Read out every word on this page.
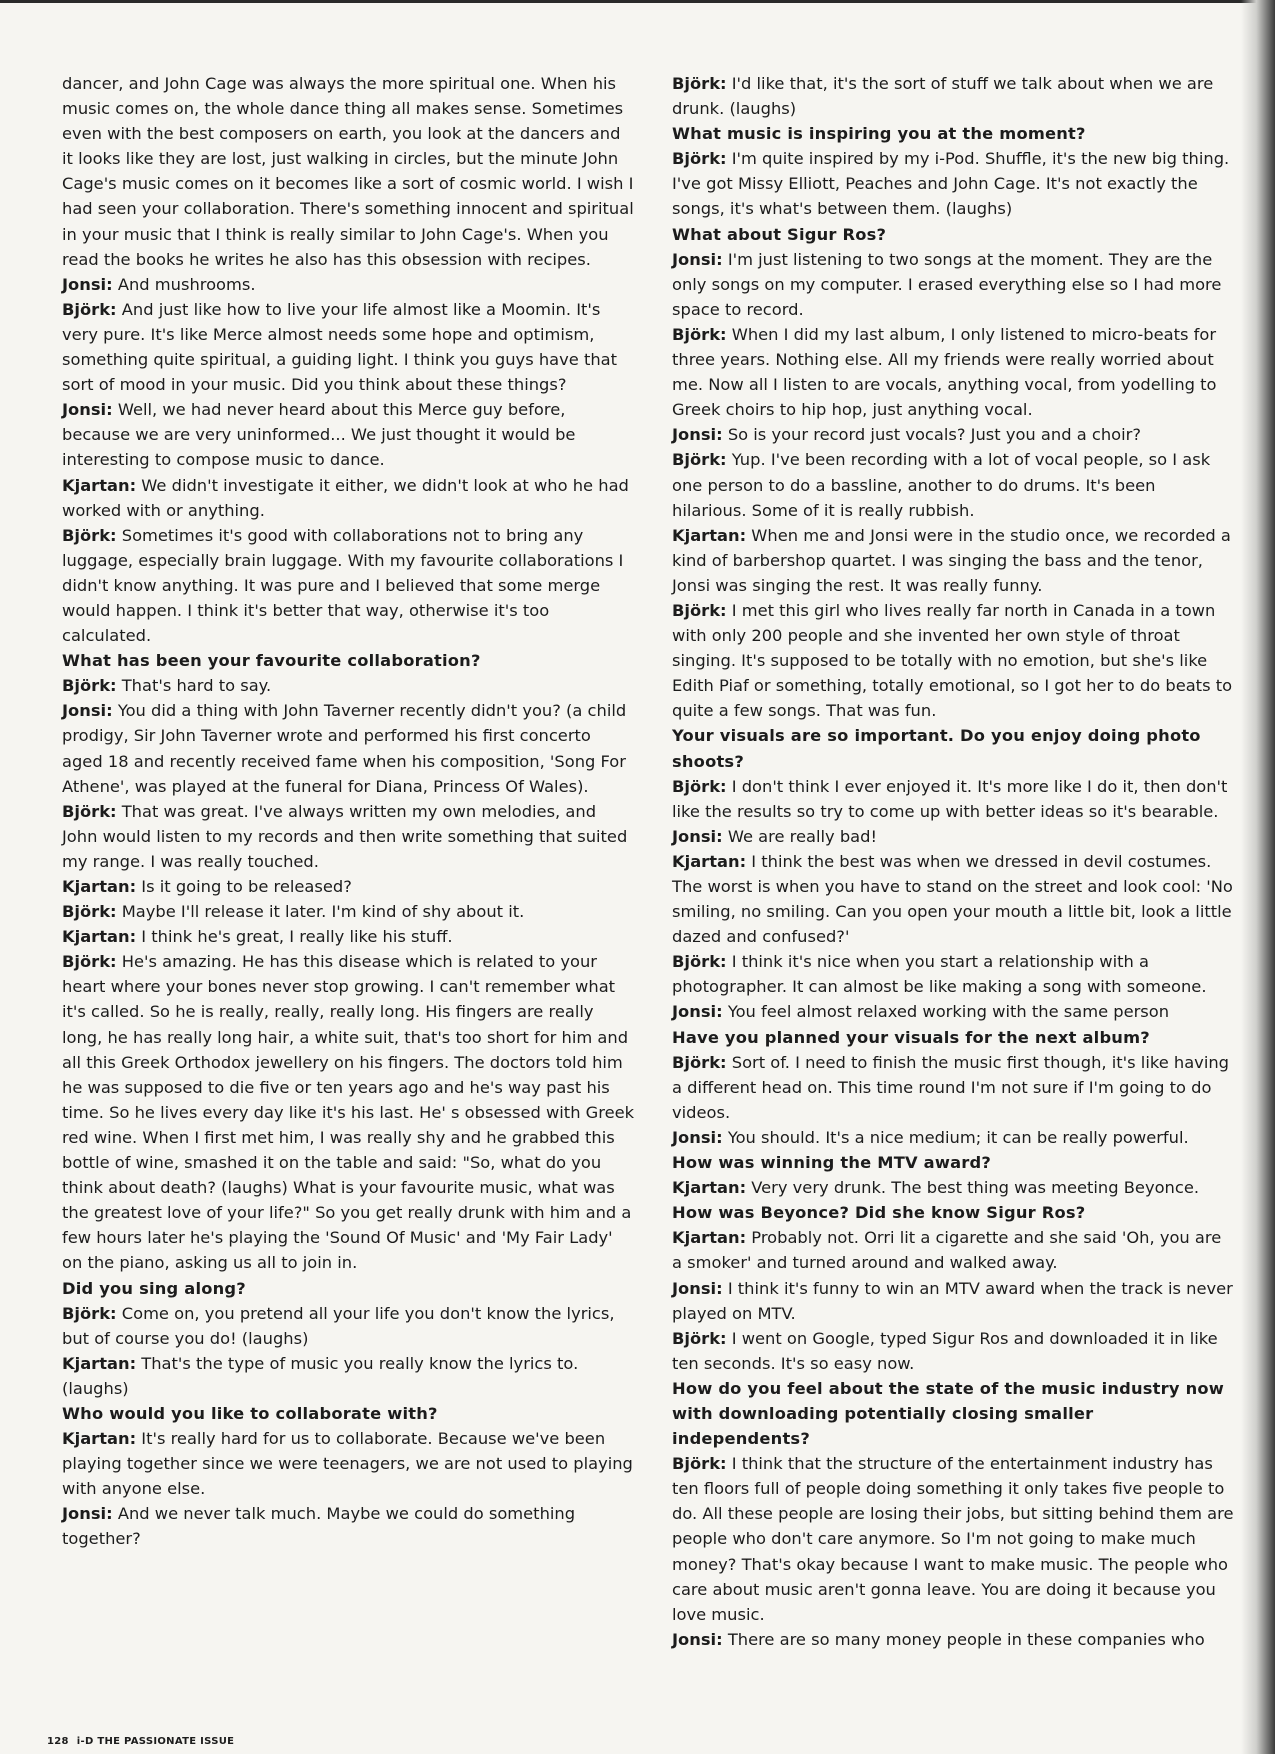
dancer, and John Cage was always the more spiritual one. When his music comes on, the whole dance thing all makes sense. Sometimes even with the best composers on earth, you look at the dancers and it looks like they are lost, just walking in circles, but the minute John Cage's music comes on it becomes like a sort of cosmic world. I wish I had seen your collaboration. There's something innocent and spiritual in your music that I think is really similar to John Cage's. When you read the books he writes he also has this obsession with recipes.

Jonsi: And mushrooms.

Björk: And just like how to live your life almost like a Moomin. It's very pure. It's like Merce almost needs some hope and optimism, something quite spiritual, a guiding light. I think you guys have that sort of mood in your music. Did you think about these things?

Jonsi: Well, we had never heard about this Merce guy before, because we are very uninformed... We just thought it would be interesting to compose music to dance.

Kjartan: We didn't investigate it either, we didn't look at who he had worked with or anything.

Björk: Sometimes it's good with collaborations not to bring any luggage, especially brain luggage. With my favourite collaborations I didn't know anything. It was pure and I believed that some merge would happen. I think it's better that way, otherwise it's too calculated.

What has been your favourite collaboration?

Björk: That's hard to say.

Jonsi: You did a thing with John Taverner recently didn't you? (a child prodigy, Sir John Taverner wrote and performed his first concerto aged 18 and recently received fame when his composition, 'Song For Athene', was played at the funeral for Diana, Princess Of Wales).

Björk: That was great. I've always written my own melodies, and John would listen to my records and then write something that suited my range. I was really touched.

Kjartan: Is it going to be released?

Björk: Maybe I'll release it later. I'm kind of shy about it.

Kjartan: I think he's great, I really like his stuff.

Björk: He's amazing. He has this disease which is related to your heart where your bones never stop growing. I can't remember what it's called. So he is really, really, really long. His fingers are really long, he has really long hair, a white suit, that's too short for him and all this Greek Orthodox jewellery on his fingers. The doctors told him he was supposed to die five or ten years ago and he's way past his time. So he lives every day like it's his last. He' s obsessed with Greek red wine. When I first met him, I was really shy and he grabbed this bottle of wine, smashed it on the table and said: "So, what do you think about death? (laughs) What is your favourite music, what was the greatest love of your life?" So you get really drunk with him and a few hours later he's playing the 'Sound Of Music' and 'My Fair Lady' on the piano, asking us all to join in.

Did you sing along?

Björk: Come on, you pretend all your life you don't know the lyrics, but of course you do! (laughs)

Kjartan: That's the type of music you really know the lyrics to. (laughs)

Who would you like to collaborate with?

Kjartan: It's really hard for us to collaborate. Because we've been playing together since we were teenagers, we are not used to playing with anyone else.

Jonsi: And we never talk much. Maybe we could do something together?

Björk: I'd like that, it's the sort of stuff we talk about when we are drunk. (laughs)

What music is inspiring you at the moment?

Björk: I'm quite inspired by my i-Pod. Shuffle, it's the new big thing. I've got Missy Elliott, Peaches and John Cage. It's not exactly the songs, it's what's between them. (laughs)

What about Sigur Ros?

Jonsi: I'm just listening to two songs at the moment. They are the only songs on my computer. I erased everything else so I had more space to record.

Björk: When I did my last album, I only listened to micro-beats for three years. Nothing else. All my friends were really worried about me. Now all I listen to are vocals, anything vocal, from yodelling to Greek choirs to hip hop, just anything vocal.

Jonsi: So is your record just vocals? Just you and a choir?

Björk: Yup. I've been recording with a lot of vocal people, so I ask one person to do a bassline, another to do drums. It's been hilarious. Some of it is really rubbish.

Kjartan: When me and Jonsi were in the studio once, we recorded a kind of barbershop quartet. I was singing the bass and the tenor, Jonsi was singing the rest. It was really funny.

Björk: I met this girl who lives really far north in Canada in a town with only 200 people and she invented her own style of throat singing. It's supposed to be totally with no emotion, but she's like Edith Piaf or something, totally emotional, so I got her to do beats to quite a few songs. That was fun.

Your visuals are so important. Do you enjoy doing photo shoots?

Björk: I don't think I ever enjoyed it. It's more like I do it, then don't like the results so try to come up with better ideas so it's bearable.

Jonsi: We are really bad!

Kjartan: I think the best was when we dressed in devil costumes. The worst is when you have to stand on the street and look cool: 'No smiling, no smiling. Can you open your mouth a little bit, look a little dazed and confused?'

Björk: I think it's nice when you start a relationship with a photographer. It can almost be like making a song with someone.

Jonsi: You feel almost relaxed working with the same person

Have you planned your visuals for the next album?

Björk: Sort of. I need to finish the music first though, it's like having a different head on. This time round I'm not sure if I'm going to do videos.

Jonsi: You should. It's a nice medium; it can be really powerful.

How was winning the MTV award?

Kjartan: Very very drunk. The best thing was meeting Beyonce.

How was Beyonce? Did she know Sigur Ros?

Kjartan: Probably not. Orri lit a cigarette and she said 'Oh, you are a smoker' and turned around and walked away.

Jonsi: I think it's funny to win an MTV award when the track is never played on MTV.

Björk: I went on Google, typed Sigur Ros and downloaded it in like ten seconds. It's so easy now.

How do you feel about the state of the music industry now with downloading potentially closing smaller independents?

Björk: I think that the structure of the entertainment industry has ten floors full of people doing something it only takes five people to do. All these people are losing their jobs, but sitting behind them are people who don't care anymore. So I'm not going to make much money? That's okay because I want to make music. The people who care about music aren't gonna leave. You are doing it because you love music.

Jonsi: There are so many money people in these companies who

128 i-D THE PASSIONATE ISSUE
